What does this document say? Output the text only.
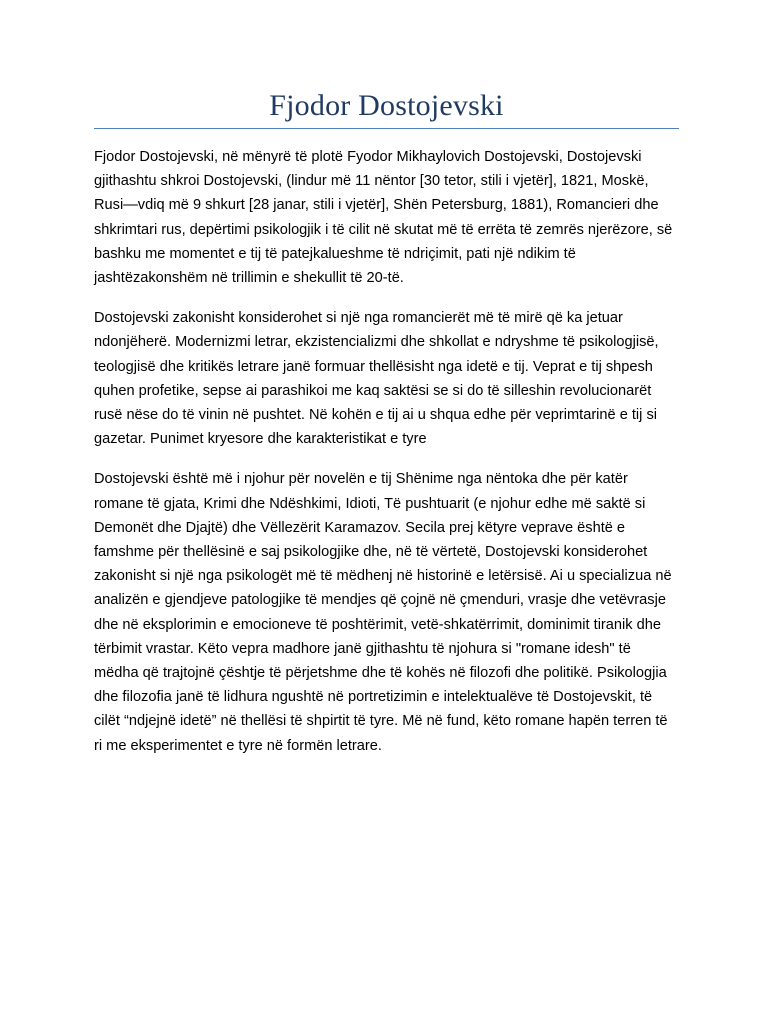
Fjodor Dostojevski

Fjodor Dostojevski, në mënyrë të plotë Fyodor Mikhaylovich Dostojevski, Dostojevski gjithashtu shkroi Dostojevski, (lindur më 11 nëntor [30 tetor, stili i vjetër], 1821, Moskë, Rusi—vdiq më 9 shkurt [28 janar, stili i vjetër], Shën Petersburg, 1881), Romancieri dhe shkrimtari rus, depërtimi psikologjik i të cilit në skutat më të errëta të zemrës njerëzore, së bashku me momentet e tij të patejkalueshme të ndriçimit, pati një ndikim të jashtëzakonshëm në trillimin e shekullit të 20-të.

Dostojevski zakonisht konsiderohet si një nga romancierët më të mirë që ka jetuar ndonjëherë. Modernizmi letrar, ekzistencializmi dhe shkollat e ndryshme të psikologjisë, teologjisë dhe kritikës letrare janë formuar thellësisht nga idetë e tij. Veprat e tij shpesh quhen profetike, sepse ai parashikoi me kaq saktësi se si do të silleshin revolucionarët rusë nëse do të vinin në pushtet. Në kohën e tij ai u shqua edhe për veprimtarinë e tij si gazetar. Punimet kryesore dhe karakteristikat e tyre

Dostojevski është më i njohur për novelën e tij Shënime nga nëntoka dhe për katër romane të gjata, Krimi dhe Ndëshkimi, Idioti, Të pushtuarit (e njohur edhe më saktë si Demonët dhe Djajtë) dhe Vëllezërit Karamazov. Secila prej këtyre veprave është e famshme për thellësinë e saj psikologjike dhe, në të vërtetë, Dostojevski konsiderohet zakonisht si një nga psikologët më të mëdhenj në historinë e letërsisë. Ai u specializua në analizën e gjendjeve patologjike të mendjes që çojnë në çmenduri, vrasje dhe vetëvrasje dhe në eksplorimin e emocioneve të poshtërimit, vetë-shkatërrimit, dominimit tiranik dhe tërbimit vrastar. Këto vepra madhore janë gjithashtu të njohura si "romane idesh" të mëdha që trajtojnë çështje të përjetshme dhe të kohës në filozofi dhe politikë. Psikologjia dhe filozofia janë të lidhura ngushtë në portretizimin e intelektualëve të Dostojevskit, të cilët “ndjejnë idetë” në thellësi të shpirtit të tyre. Më në fund, këto romane hapën terren të ri me eksperimentet e tyre në formën letrare.
